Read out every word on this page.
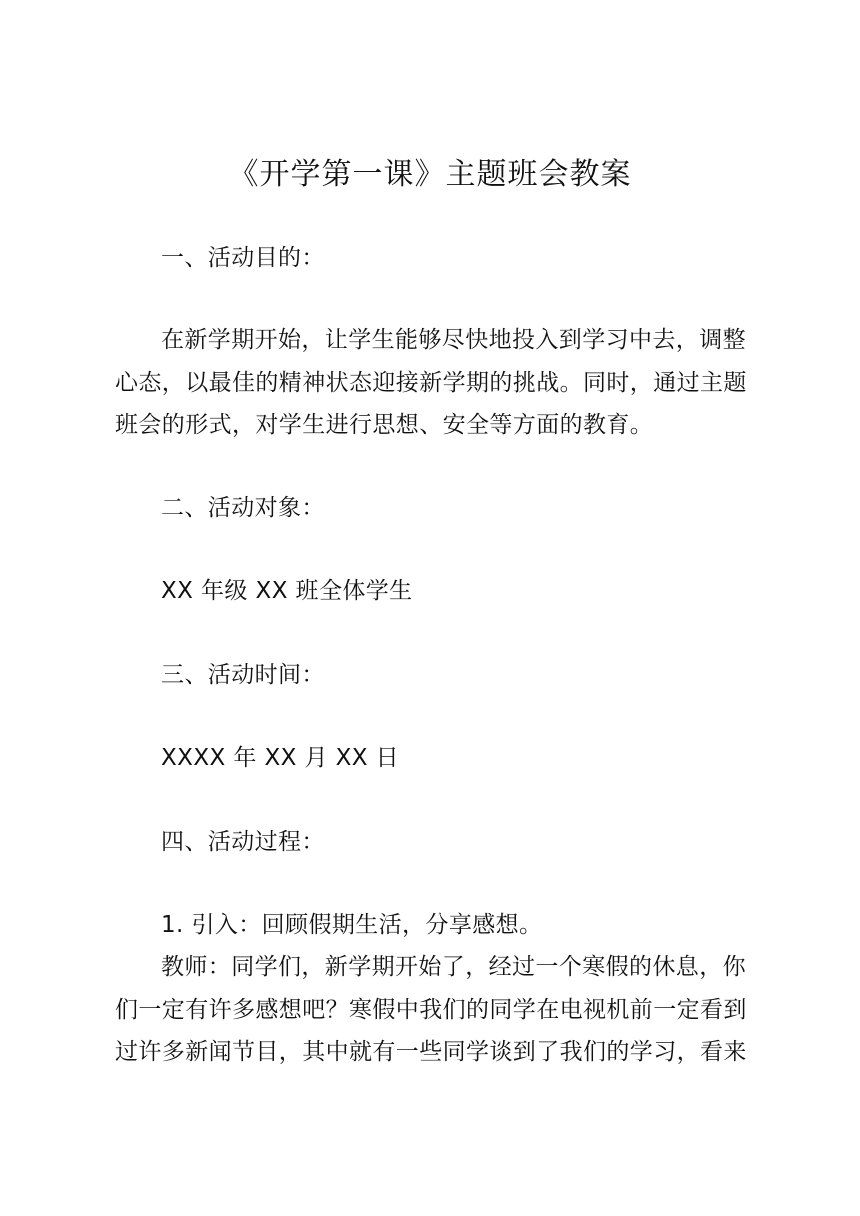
《开学第一课》主题班会教案
一、活动目的：
在新学期开始，让学生能够尽快地投入到学习中去，调整
心态，以最佳的精神状态迎接新学期的挑战。同时，通过主题
班会的形式，对学生进行思想、安全等方面的教育。
二、活动对象：
XX 年级 XX 班全体学生
三、活动时间：
XXXX 年 XX 月 XX 日
四、活动过程：
1. 引入：回顾假期生活，分享感想。
教师：同学们，新学期开始了，经过一个寒假的休息，你
们一定有许多感想吧？寒假中我们的同学在电视机前一定看到
过许多新闻节目，其中就有一些同学谈到了我们的学习，看来
